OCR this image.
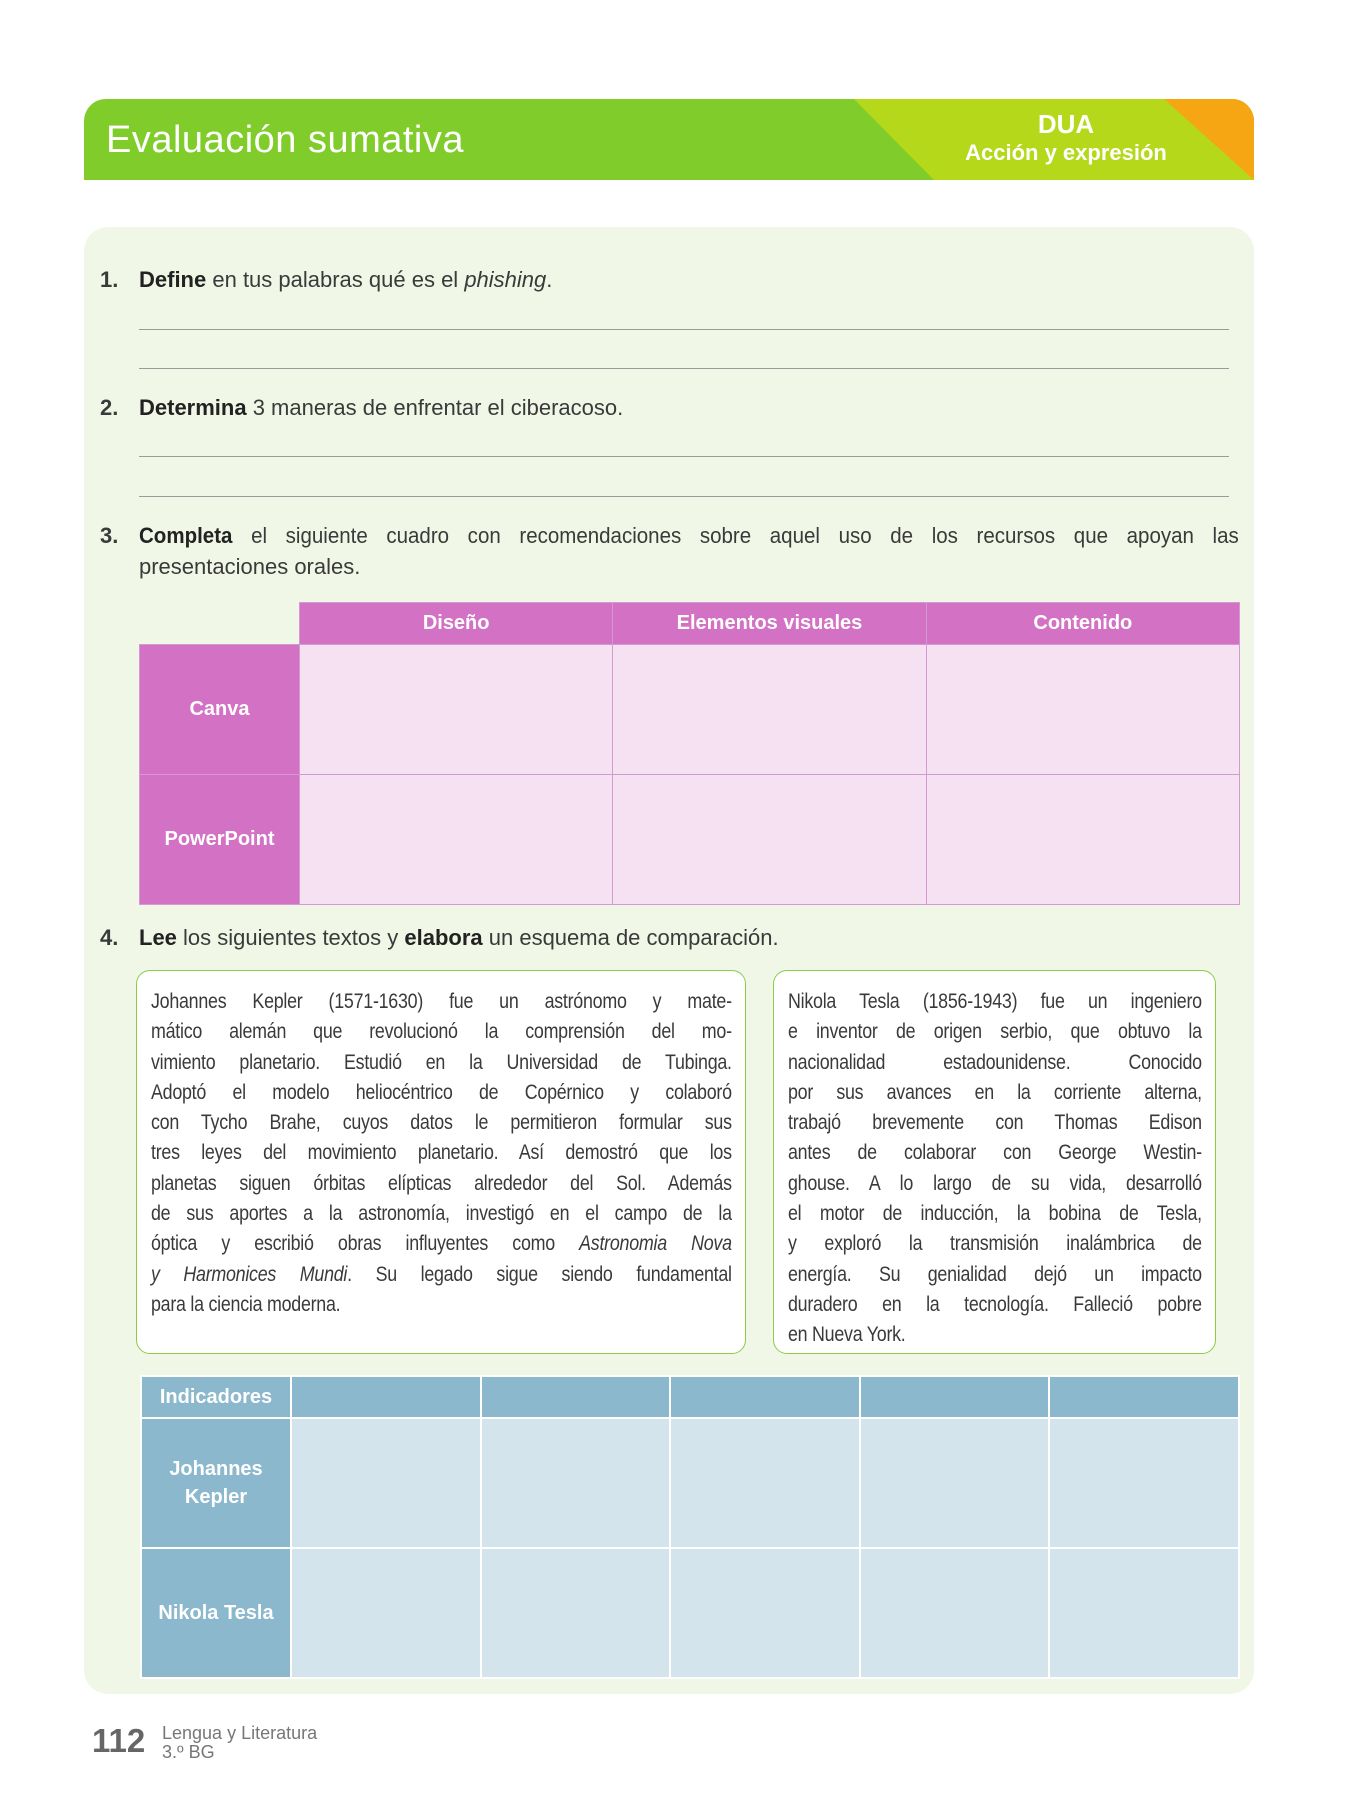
Evaluación sumativa	DUA
Acción y expresión
1. Define en tus palabras qué es el phishing.
2. Determina 3 maneras de enfrentar el ciberacoso.
3. Completa el siguiente cuadro con recomendaciones sobre aquel uso de los recursos que apoyan las
presentaciones orales.
	Diseño	Elementos visuales	Contenido
Canva			
PowerPoint			
4. Lee los siguientes textos y elabora un esquema de comparación.
Johannes Kepler (1571-1630) fue un astrónomo y mate-
mático alemán que revolucionó la comprensión del mo-
vimiento planetario. Estudió en la Universidad de Tubinga.
Adoptó el modelo heliocéntrico de Copérnico y colaboró
con Tycho Brahe, cuyos datos le permitieron formular sus
tres leyes del movimiento planetario. Así demostró que los
planetas siguen órbitas elípticas alrededor del Sol. Además
de sus aportes a la astronomía, investigó en el campo de la
óptica y escribió obras influyentes como Astronomia Nova
y Harmonices Mundi. Su legado sigue siendo fundamental
para la ciencia moderna.
Nikola Tesla (1856-1943) fue un ingeniero
e inventor de origen serbio, que obtuvo la
nacionalidad estadounidense. Conocido
por sus avances en la corriente alterna,
trabajó brevemente con Thomas Edison
antes de colaborar con George Westin-
ghouse. A lo largo de su vida, desarrolló
el motor de inducción, la bobina de Tesla,
y exploró la transmisión inalámbrica de
energía. Su genialidad dejó un impacto
duradero en la tecnología. Falleció pobre
en Nueva York.
Indicadores					
Johannes Kepler					
Nikola Tesla					
112 Lengua y Literatura
3.º BG
